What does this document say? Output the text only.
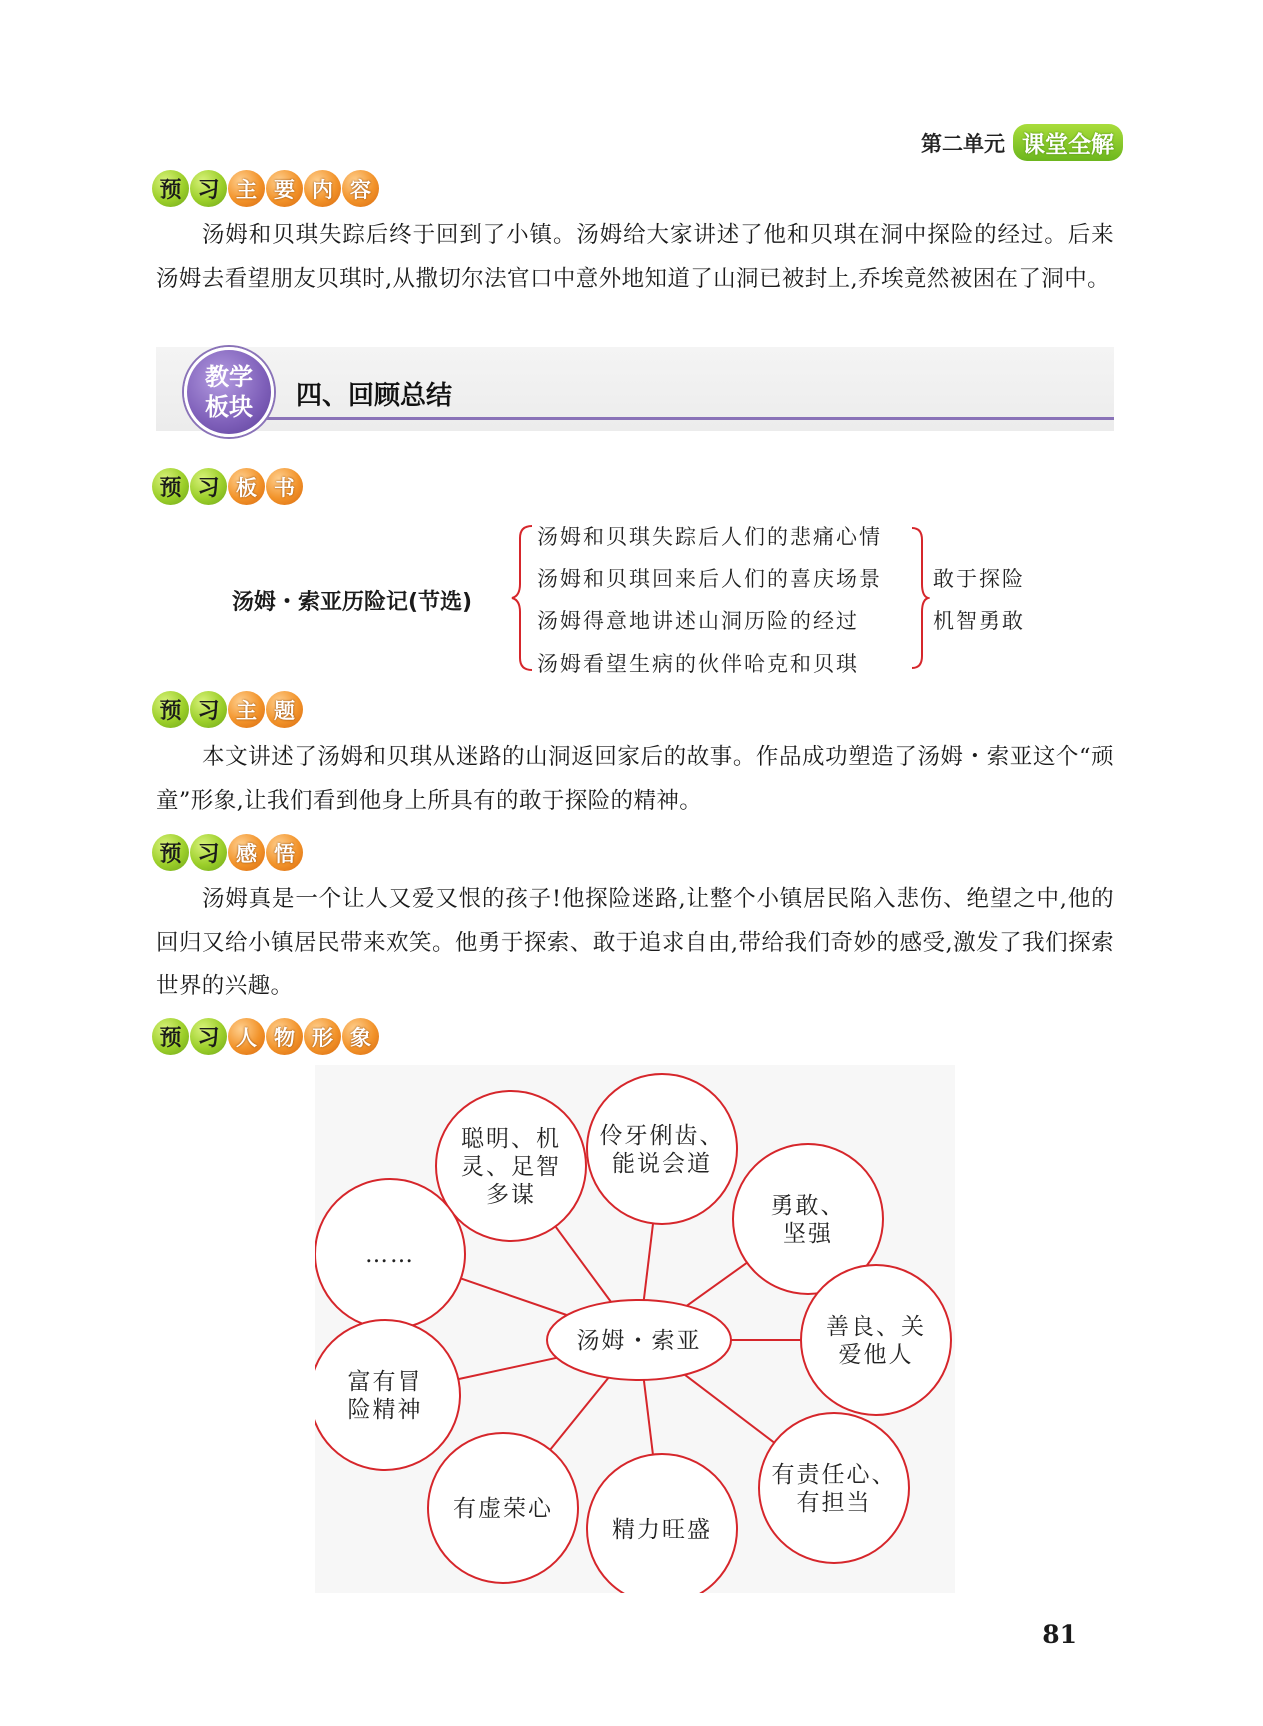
第二单元 课堂全解
预 习 主 要 内 容
汤姆和贝琪失踪后终于回到了小镇。汤姆给大家讲述了他和贝琪在洞中探险的经过。后来汤姆去看望朋友贝琪时,从撒切尔法官口中意外地知道了山洞已被封上,乔埃竟然被困在了洞中。
教学
板块 四、回顾总结
预 习 板 书
汤姆・索亚历险记(节选)
汤姆和贝琪失踪后人们的悲痛心情
汤姆和贝琪回来后人们的喜庆场景
汤姆得意地讲述山洞历险的经过
汤姆看望生病的伙伴哈克和贝琪
敢于探险
机智勇敢
预 习 主 题
本文讲述了汤姆和贝琪从迷路的山洞返回家后的故事。作品成功塑造了汤姆・索亚这个“顽童”形象,让我们看到他身上所具有的敢于探险的精神。
预 习 感 悟
汤姆真是一个让人又爱又恨的孩子!他探险迷路,让整个小镇居民陷入悲伤、绝望之中,他的回归又给小镇居民带来欢笑。他勇于探索、敢于追求自由,带给我们奇妙的感受,激发了我们探索世界的兴趣。
预 习 人 物 形 象
汤姆・索亚
聪明、机
灵、足智
多谋
伶牙俐齿、
能说会道
勇敢、
坚强
……
善良、关
爱他人
富有冒
险精神
有虚荣心
精力旺盛
有责任心、
有担当
81
